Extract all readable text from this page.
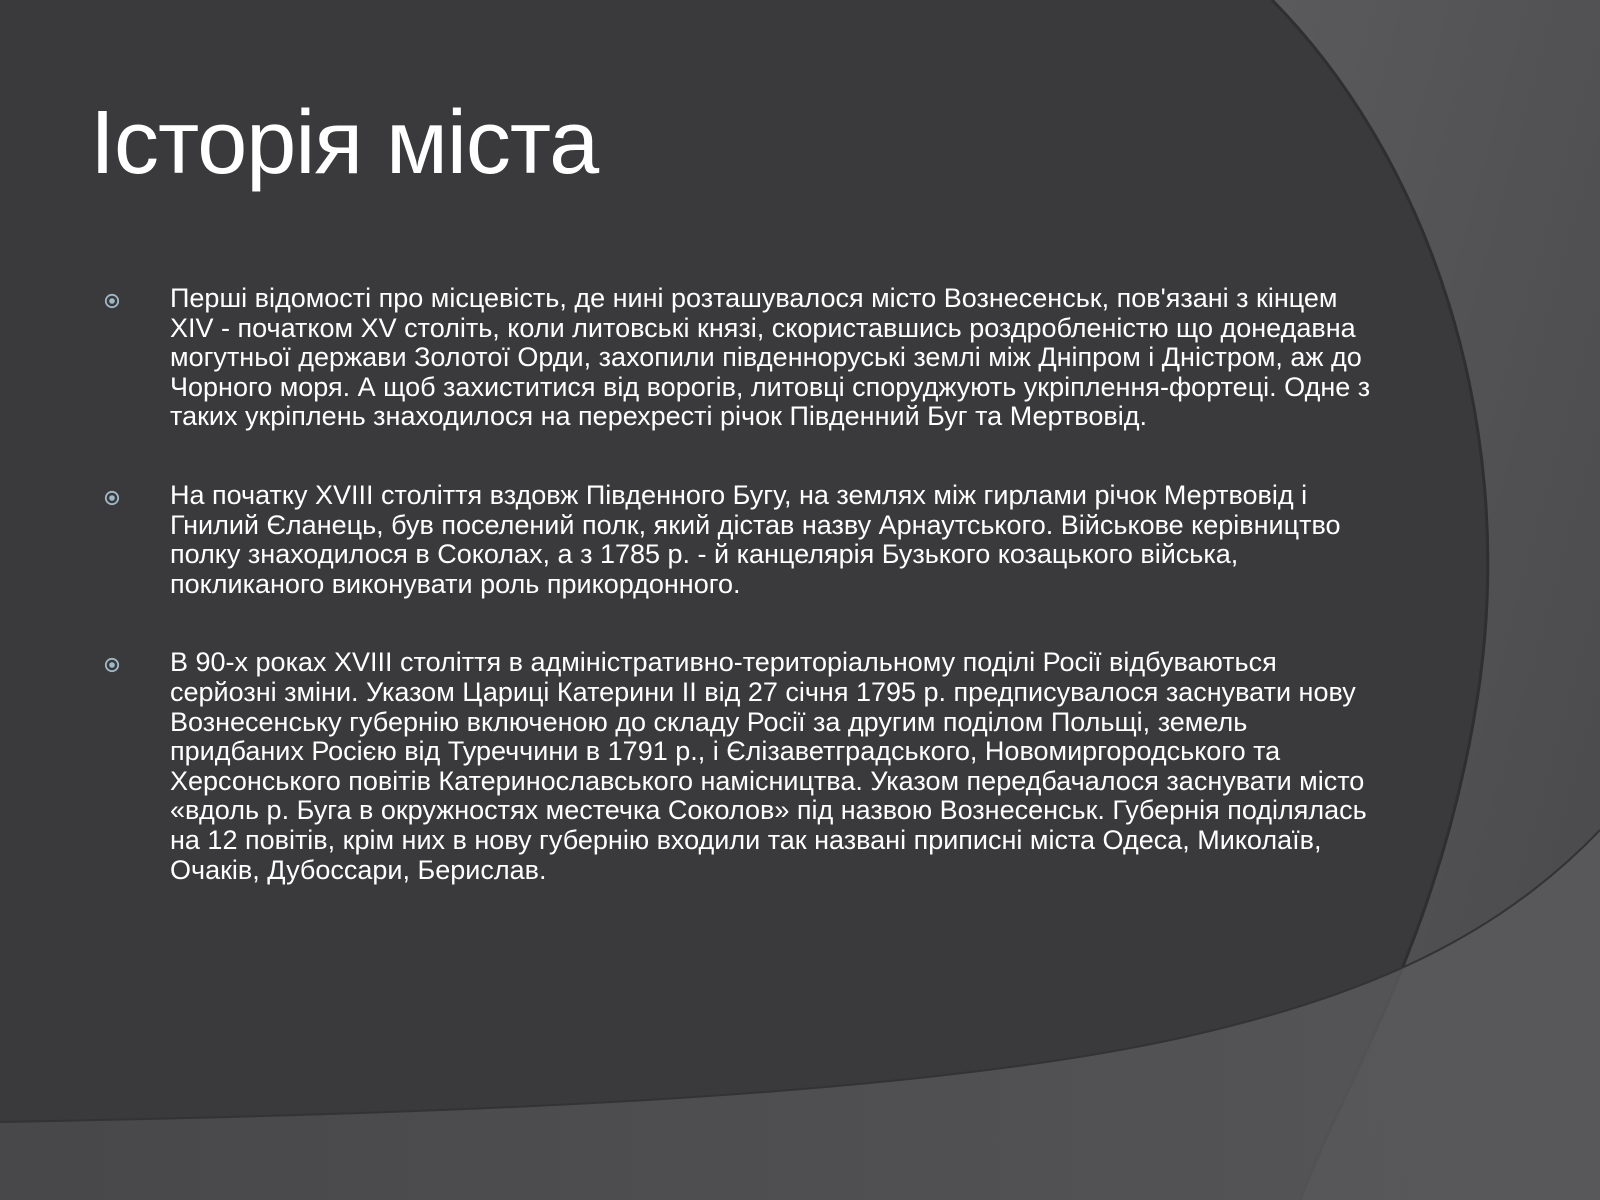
Історія міста
Перші відомості про місцевість, де нині розташувалося місто Вознесенськ, пов'язані з кінцем XIV - початком XV століть, коли литовські князі, скориставшись роздробленістю що донедавна могутньої держави Золотої Орди, захопили південноруські землі між Дніпром і Дністром, аж до Чорного моря. А щоб захиститися від ворогів, литовці споруджують укріплення-фортеці. Одне з таких укріплень знаходилося на перехресті річок Південний Буг та Мертвовід.
На початку XVIII століття вздовж Південного Бугу, на землях між гирлами річок Мертвовід і Гнилий Єланець, був поселений полк, який дістав назву Арнаутського. Військове керівництво полку знаходилося в Соколах, а з 1785 р. - й канцелярія Бузького козацького війська, покликаного виконувати роль прикордонного.
В 90-х роках XVIII століття в адміністративно-територіальному поділі Росії відбуваються серйозні зміни. Указом Цариці Катерини II від 27 січня 1795 р. предписувалося заснувати нову Вознесенську губернію включеною до складу Росії за другим поділом Польщі, земель придбаних Росією від Туреччини в 1791 р., і Єлізаветградського, Новомиргородського та Херсонського повітів Катеринославського намісництва. Указом передбачалося заснувати місто «вдоль р. Буга в окружностях местечка Соколов» під назвою Вознесенськ. Губернія поділялась на 12 повітів, крім них в нову губернію входили так названі приписні міста Одеса, Миколаїв, Очаків, Дубоссари, Берислав.
